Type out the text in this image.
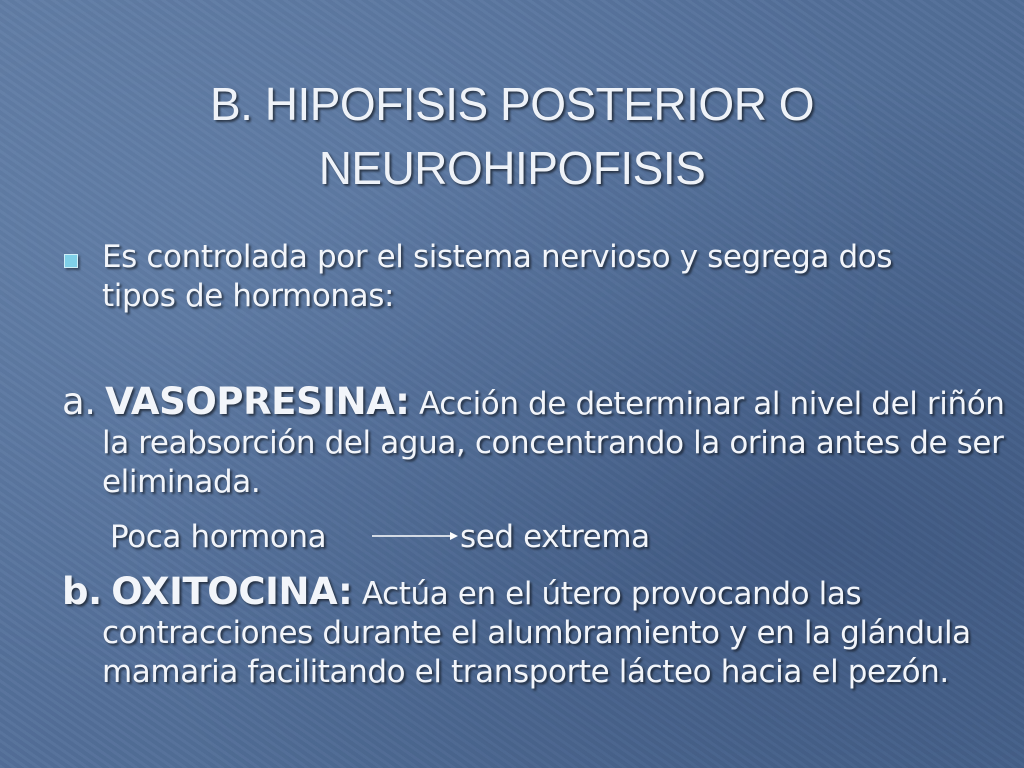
B. HIPOFISIS POSTERIOR O
NEUROHIPOFISIS
Es controlada por el sistema nervioso y segrega dos tipos de hormonas:
a. VASOPRESINA: Acción de determinar al nivel del riñón la reabsorción del agua, concentrando la orina antes de ser eliminada.
Poca hormona	sed extrema
b. OXITOCINA: Actúa en el útero provocando las contracciones durante el alumbramiento y en la glándula mamaria facilitando el transporte lácteo hacia el pezón.
